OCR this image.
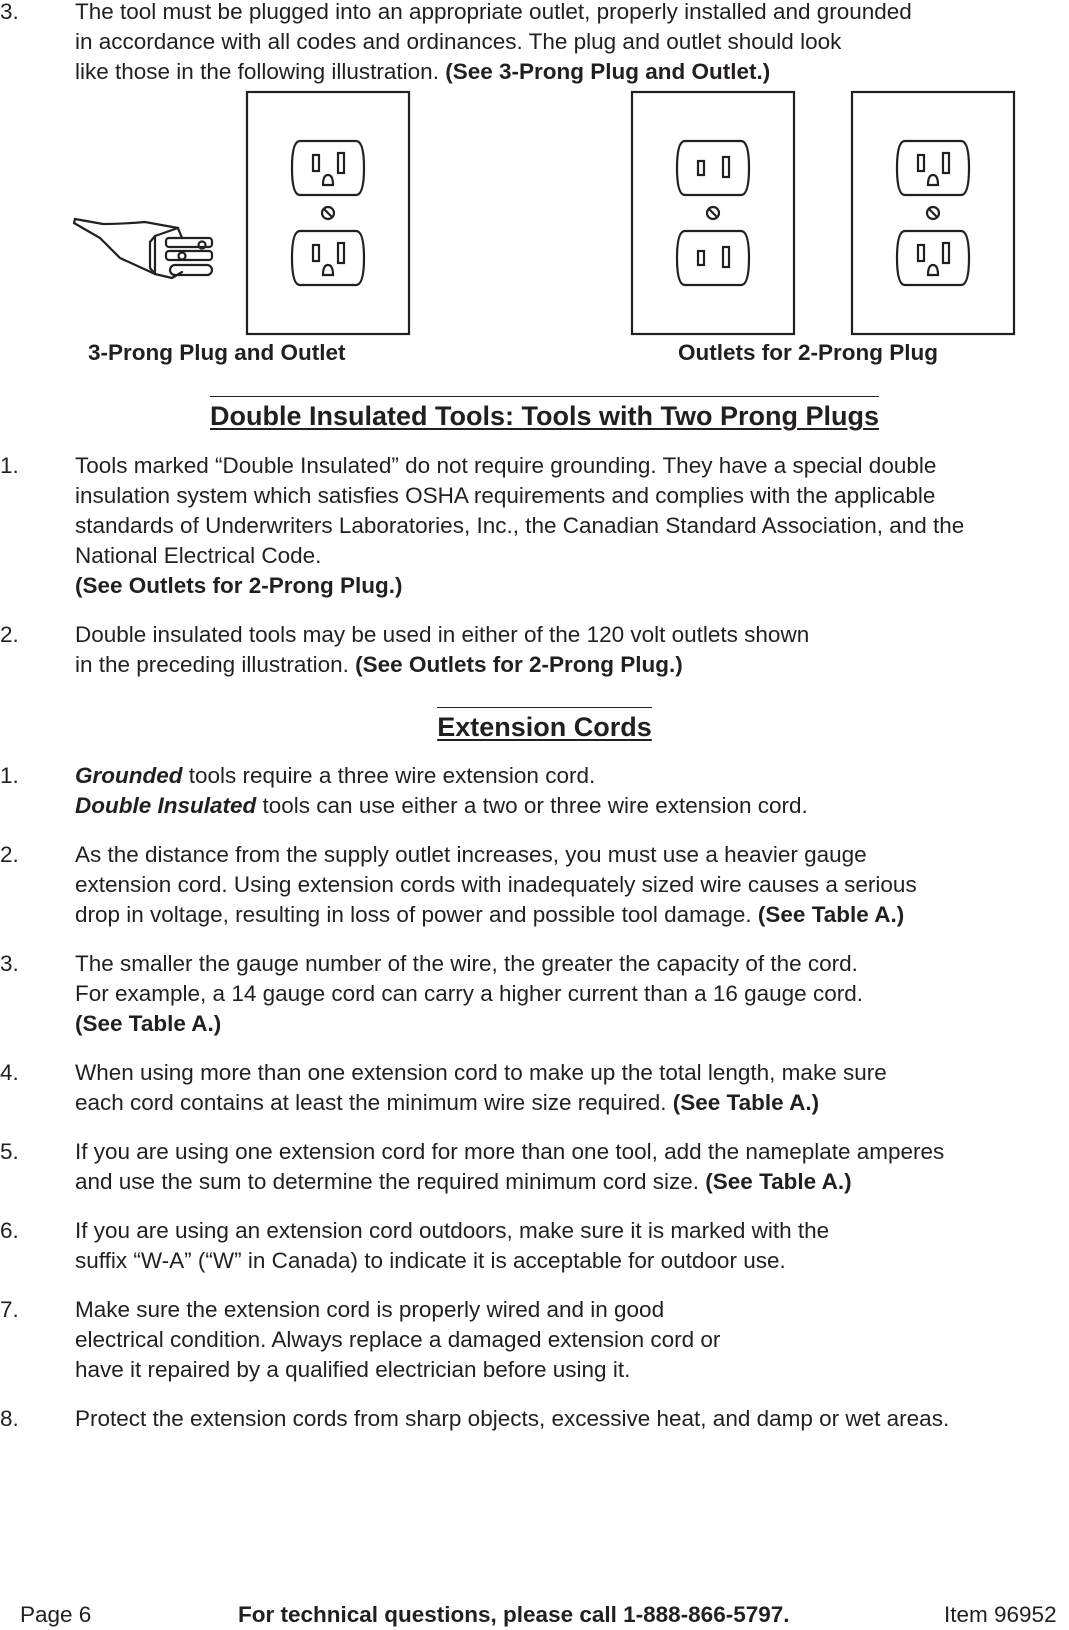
3. The tool must be plugged into an appropriate outlet, properly installed and grounded
in accordance with all codes and ordinances. The plug and outlet should look
like those in the following illustration. (See 3-Prong Plug and Outlet.)
3-Prong Plug and Outlet	Outlets for 2-Prong Plug
Double Insulated Tools: Tools with Two Prong Plugs
1. Tools marked “Double Insulated” do not require grounding. They have a special double
insulation system which satisfies OSHA requirements and complies with the applicable
standards of Underwriters Laboratories, Inc., the Canadian Standard Association, and the
National Electrical Code.
(See Outlets for 2-Prong Plug.)
2. Double insulated tools may be used in either of the 120 volt outlets shown
in the preceding illustration. (See Outlets for 2-Prong Plug.)
Extension Cords
1. Grounded tools require a three wire extension cord.
Double Insulated tools can use either a two or three wire extension cord.
2. As the distance from the supply outlet increases, you must use a heavier gauge
extension cord. Using extension cords with inadequately sized wire causes a serious
drop in voltage, resulting in loss of power and possible tool damage. (See Table A.)
3. The smaller the gauge number of the wire, the greater the capacity of the cord.
For example, a 14 gauge cord can carry a higher current than a 16 gauge cord.
(See Table A.)
4. When using more than one extension cord to make up the total length, make sure
each cord contains at least the minimum wire size required. (See Table A.)
5. If you are using one extension cord for more than one tool, add the nameplate amperes
and use the sum to determine the required minimum cord size. (See Table A.)
6. If you are using an extension cord outdoors, make sure it is marked with the
suffix “W-A” (“W” in Canada) to indicate it is acceptable for outdoor use.
7. Make sure the extension cord is properly wired and in good
electrical condition. Always replace a damaged extension cord or
have it repaired by a qualified electrician before using it.
8. Protect the extension cords from sharp objects, excessive heat, and damp or wet areas.
Page 6	For technical questions, please call 1-888-866-5797.	Item 96952
